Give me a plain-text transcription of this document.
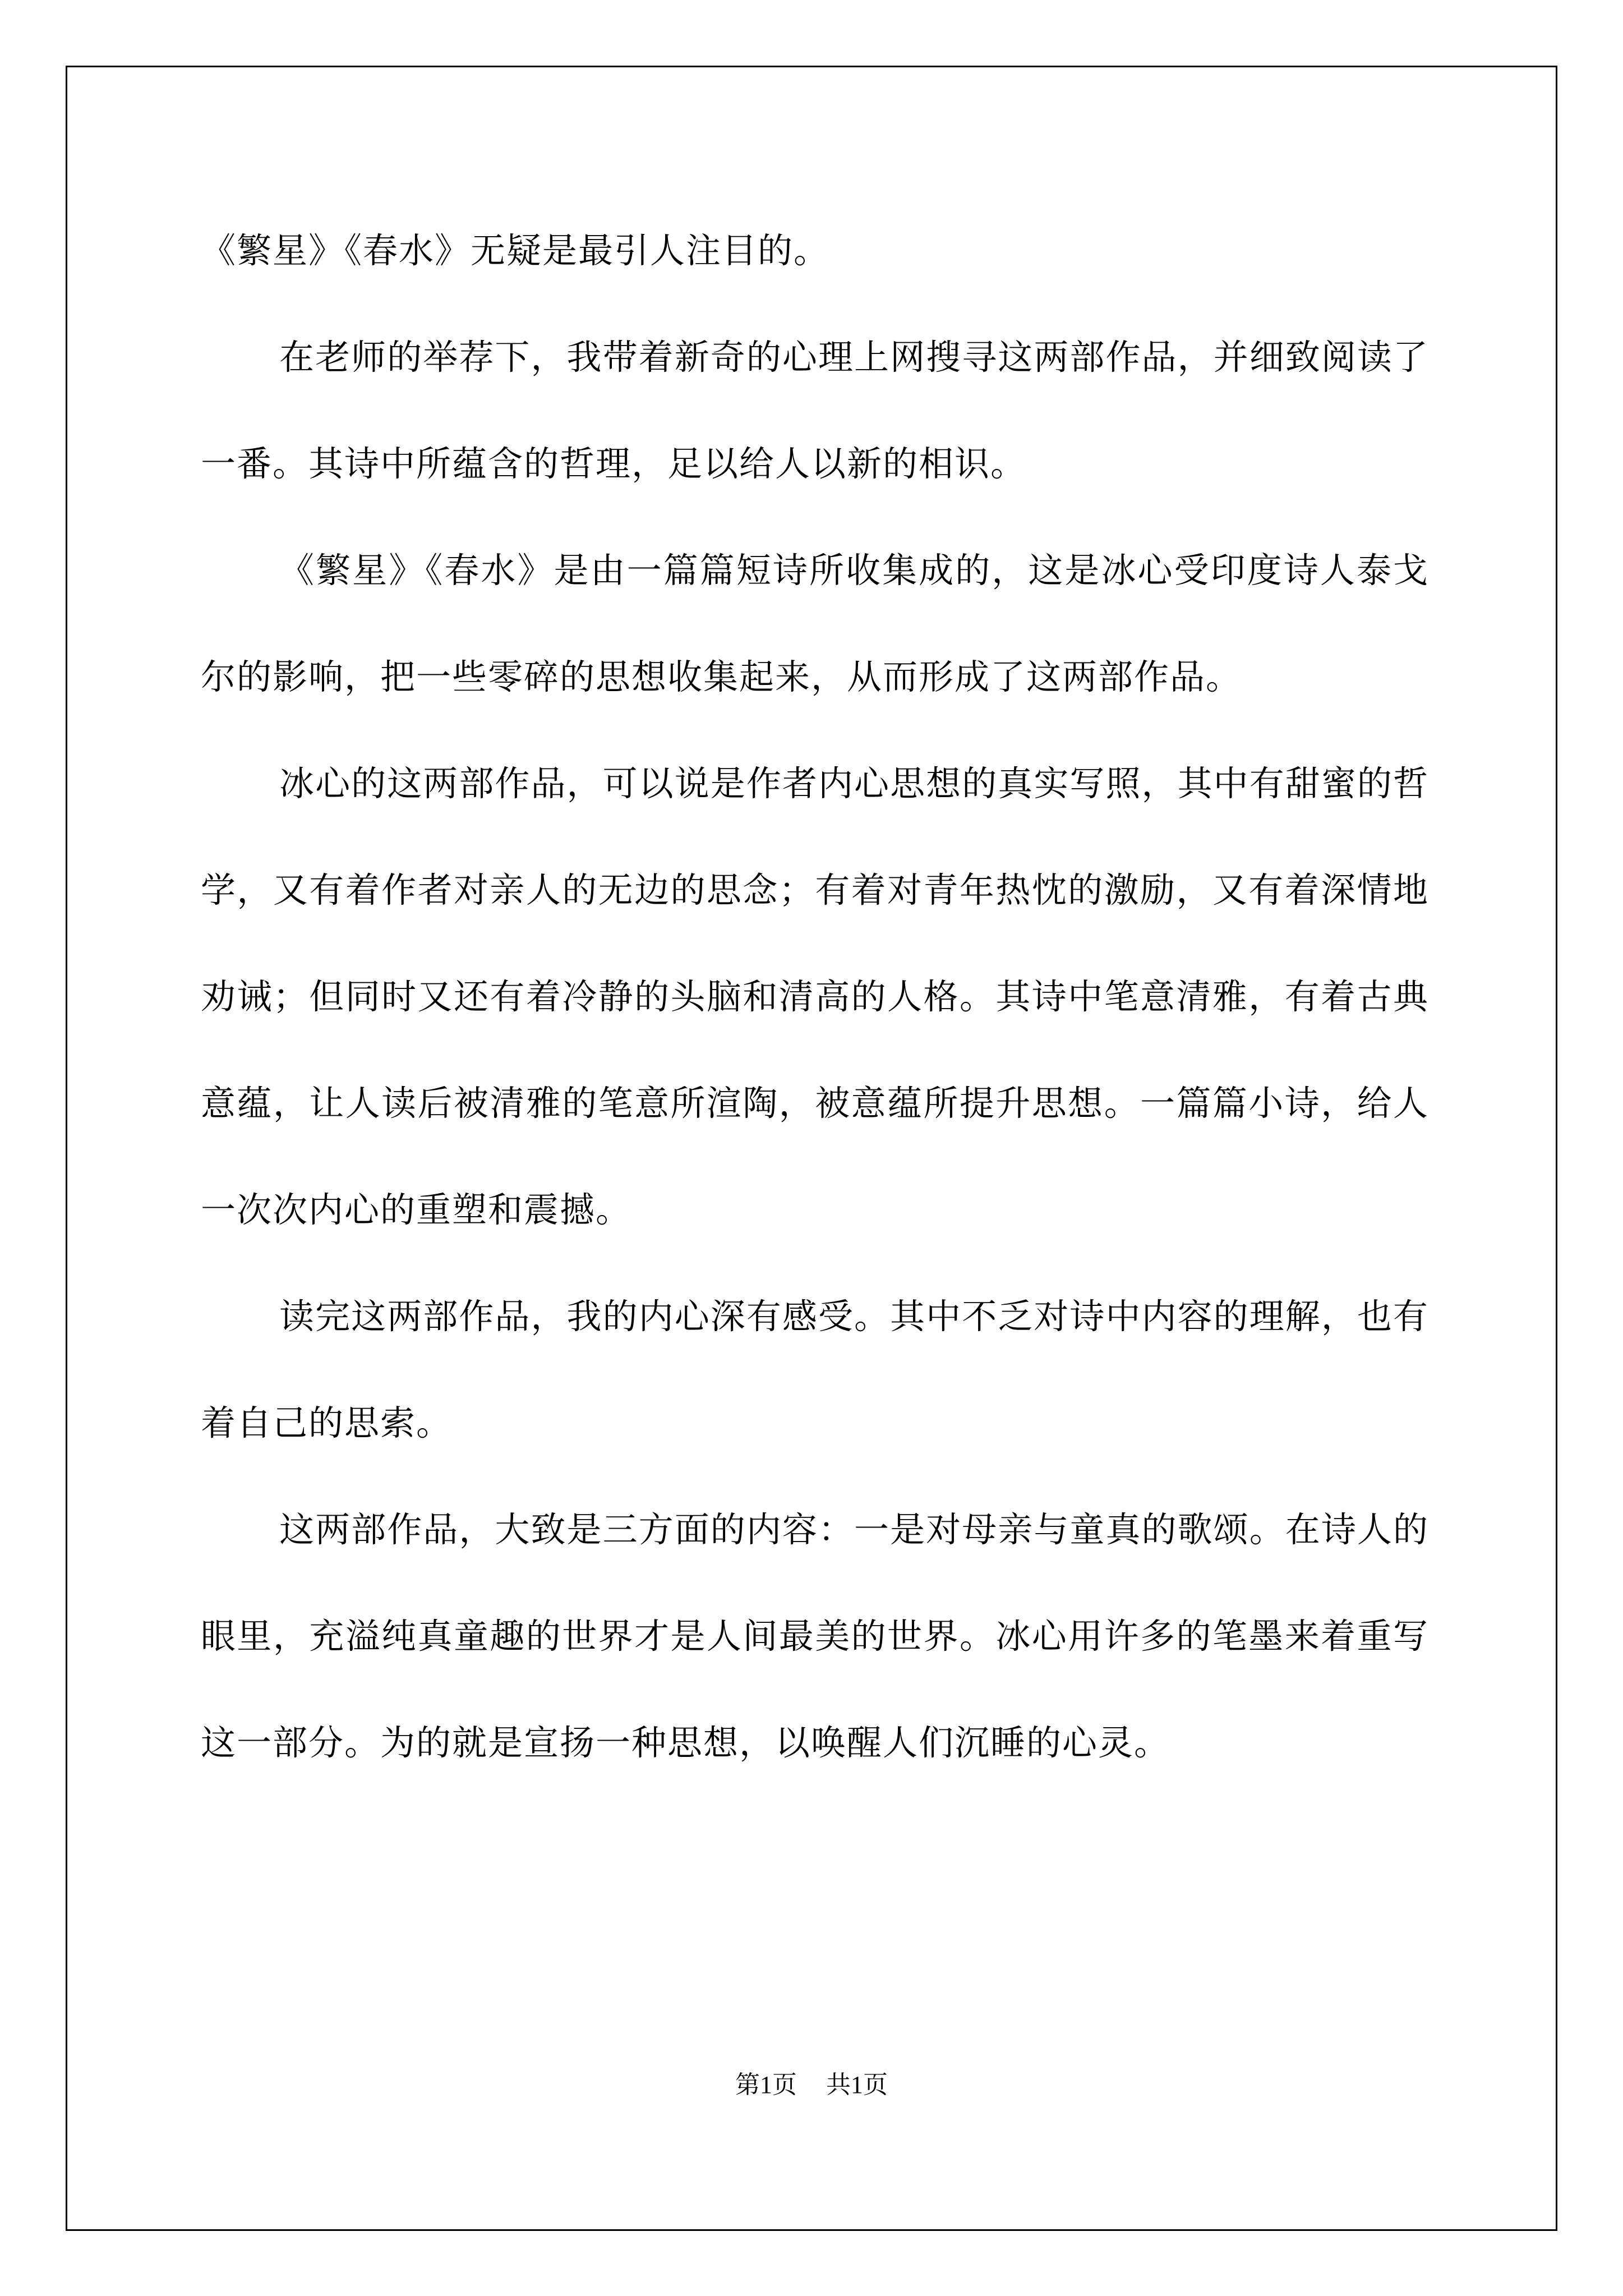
《繁星》《春水》无疑是最引人注目的。

在老师的举荐下，我带着新奇的心理上网搜寻这两部作品，并细致阅读了一番。其诗中所蕴含的哲理，足以给人以新的相识。

《繁星》《春水》是由一篇篇短诗所收集成的，这是冰心受印度诗人泰戈尔的影响，把一些零碎的思想收集起来，从而形成了这两部作品。

冰心的这两部作品，可以说是作者内心思想的真实写照，其中有甜蜜的哲学，又有着作者对亲人的无边的思念；有着对青年热忱的激励，又有着深情地劝诫；但同时又还有着冷静的头脑和清高的人格。其诗中笔意清雅，有着古典意蕴，让人读后被清雅的笔意所渲陶，被意蕴所提升思想。一篇篇小诗，给人一次次内心的重塑和震撼。

读完这两部作品，我的内心深有感受。其中不乏对诗中内容的理解，也有着自己的思索。

这两部作品，大致是三方面的内容：一是对母亲与童真的歌颂。在诗人的眼里，充溢纯真童趣的世界才是人间最美的世界。冰心用许多的笔墨来着重写这一部分。为的就是宣扬一种思想，以唤醒人们沉睡的心灵。

第1页 共1页
